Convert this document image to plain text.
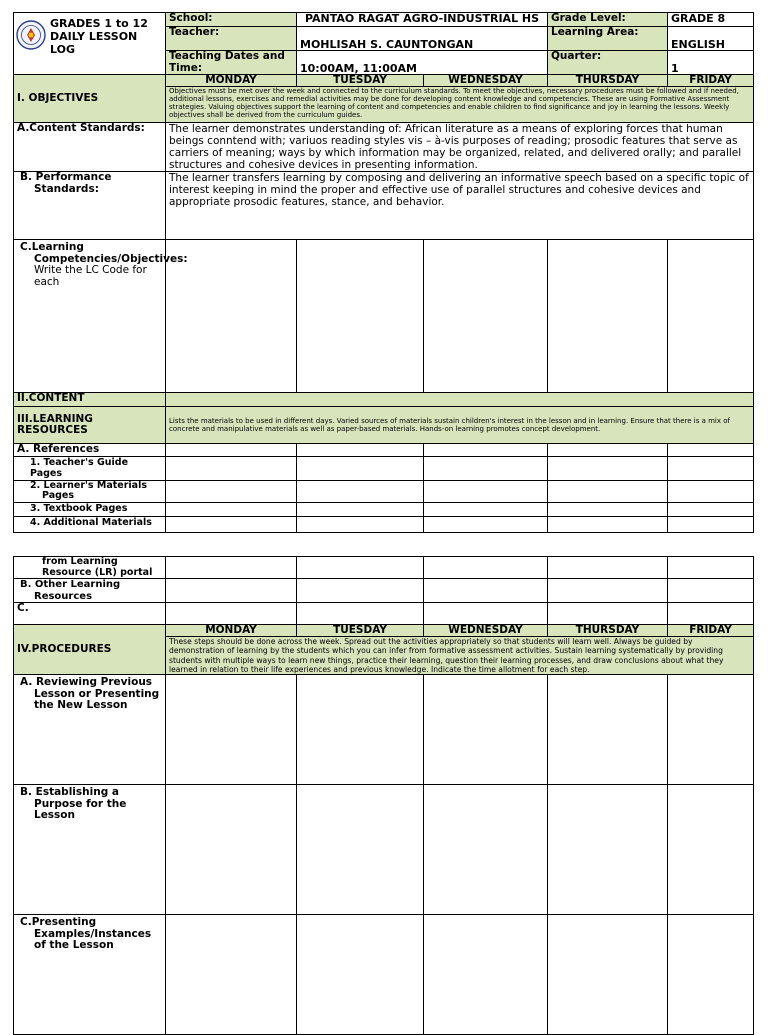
GRADES 1 to 12
DAILY LESSON LOG	School:	PANTAO RAGAT AGRO-INDUSTRIAL HS		Grade Level:	GRADE 8
	Teacher:	MOHLISAH S. CAUNTONGAN		Learning Area:	ENGLISH
	Teaching Dates and Time:	10:00AM, 11:00AM		Quarter:	1
I. OBJECTIVES	MONDAY	TUESDAY	WEDNESDAY	THURSDAY	FRIDAY
	Objectives must be met over the week and connected to the curriculum standards. To meet the objectives, necessary procedures must be followed and if needed, additional lessons, exercises and remedial activities may be done for developing content knowledge and competencies. These are using Formative Assessment strategies. Valuing objectives support the learning of content and competencies and enable children to find significance and joy in learning the lessons. Weekly objectives shall be derived from the curriculum guides.				
A.Content Standards:	The learner demonstrates understanding of: African literature as a means of exploring forces that human beings conntend with; variuos reading styles vis – à-vis purposes of reading; prosodic features that serve as carriers of meaning; ways by which information may be organized, related, and delivered orally; and parallel structures and cohesive devices in presenting information.				
B. Performance Standards:	The learner transfers learning by composing and delivering an informative speech based on a specific topic of interest keeping in mind the proper and effective use of parallel structures and cohesive devices and appropriate prosodic features, stance, and behavior.				

C.Learning Competencies/Objectives:
Write the LC Code for each					

II.CONTENT					
III.LEARNING RESOURCES	Lists the materials to be used in different days. Varied sources of materials sustain children's interest in the lesson and in learning. Ensure that there is a mix of concrete and manipulative materials as well as paper-based materials. Hands-on learning promotes concept development.				
A. References					
1. Teacher's Guide Pages					
2. Learner's Materials Pages					
3. Textbook Pages					
4. Additional Materials					
from Learning Resource (LR) portal					
B. Other Learning Resources					
C.					
IV.PROCEDURES	MONDAY	TUESDAY	WEDNESDAY	THURSDAY	FRIDAY
	These steps should be done across the week. Spread out the activities appropriately so that students will learn well. Always be guided by demonstration of learning by the students which you can infer from formative assessment activities. Sustain learning systematically by providing students with multiple ways to learn new things, practice their learning, question their learning processes, and draw conclusions about what they learned in relation to their life experiences and previous knowledge. Indicate the time allotment for each step.				
A. Reviewing Previous Lesson or Presenting the New Lesson					
B. Establishing a Purpose for the Lesson					
C.Presenting Examples/Instances of the Lesson					
